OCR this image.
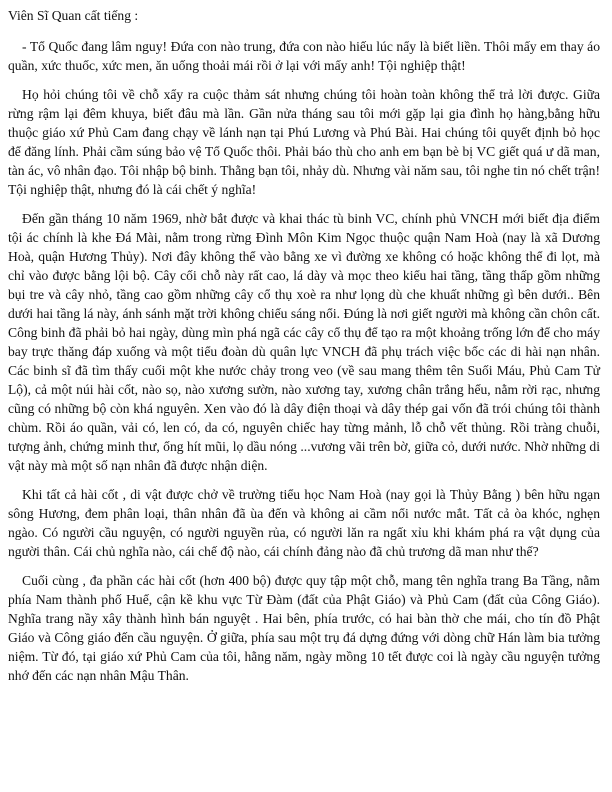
Viên Sĩ Quan cất tiếng :

- Tổ Quốc đang lâm nguy! Đứa con nào trung, đứa con nào hiếu lúc nẩy là biết liền. Thôi mấy em thay áo quần, xức thuốc, xức men, ăn uống thoải mái rồi ở lại với mấy anh! Tội nghiệp thật!

Họ hỏi chúng tôi về chỗ xẩy ra cuộc thảm sát nhưng chúng tôi hoàn toàn không thể trả lời được. Giữa rừng rậm lại đêm khuya, biết đâu mà lần. Gần nửa tháng sau tôi mới gặp lại gia đình họ hàng,bằng hữu thuộc giáo xứ Phủ Cam đang chạy về lánh nạn tại Phú Lương và Phú Bài. Hai chúng tôi quyết định bỏ học để đăng lính. Phải cầm súng bảo vệ Tổ Quốc thôi. Phải báo thù cho anh em bạn bè bị VC giết quá ư dã man, tàn ác, vô nhân đạo. Tôi nhập bộ binh. Thằng bạn tôi, nhảy dù. Nhưng vài năm sau, tôi nghe tin nó chết trận! Tội nghiệp thật, nhưng đó là cái chết ý nghĩa!

Đến gần tháng 10 năm 1969, nhờ bắt được và khai thác tù binh VC, chính phủ VNCH mới biết địa điểm tội ác chính là khe Đá Mài, nằm trong rừng Đình Môn Kim Ngọc thuộc quận Nam Hoà (nay là xã Dương Hoà, quận Hương Thủy). Nơi đây không thể vào bằng xe vì đường xe không có hoặc không thể đi lọt, mà chỉ vào được bằng lội bộ. Cây cối chỗ này rất cao, lá dày và mọc theo kiểu hai tầng, tầng thấp gồm những bụi tre và cây nhỏ, tầng cao gồm những cây cổ thụ xoè ra như lọng dù che khuất những gì bên dưới.. Bên dưới hai tầng lá này, ánh sánh mặt trời không chiếu sáng nổi. Đúng là nơi giết người mà không cần chôn cất. Công binh đã phải bỏ hai ngày, dùng mìn phá ngã các cây cổ thụ để tạo ra một khoảng trống lớn để cho máy bay trực thăng đáp xuống và một tiểu đoàn dù quân lực VNCH đã phụ trách việc bốc các di hài nạn nhân. Các binh sĩ đã tìm thấy cuối một khe nước chảy trong veo (về sau mang thêm tên Suối Máu, Phủ Cam Tử Lộ), cả một núi hài cốt, nào sọ, nào xương sườn, nào xương tay, xương chân trắng hếu, nằm rời rạc, nhưng cũng có những bộ còn khá nguyên. Xen vào đó là dây điện thoại và dây thép gai vốn đã trói chúng tôi thành chùm. Rồi áo quần, vải có, len có, da có, nguyên chiếc hay từng mảnh, lỗ chỗ vết thủng. Rồi tràng chuỗi, tượng ảnh, chứng minh thư, ống hít mũi, lọ dầu nóng ...vương vãi trên bờ, giữa cỏ, dưới nước. Nhờ những di vật này mà một số nạn nhân đã được nhận diện.

Khi tất cả hài cốt , di vật được chở về trường tiểu học Nam Hoà (nay gọi là Thủy Bằng ) bên hữu ngạn sông Hương, đem phân loại, thân nhân đã ùa đến và không ai cầm nổi nước mắt. Tất cả òa khóc, nghẹn ngào. Có người cầu nguyện, có người nguyền rủa, có người lăn ra ngất xỉu khi khám phá ra vật dụng của người thân. Cái chủ nghĩa nào, cái chế độ nào, cái chính đảng nào đã chủ trương dã man như thế?

Cuối cùng , đa phần các hài cốt (hơn 400 bộ) được quy tập một chỗ, mang tên nghĩa trang Ba Tầng, nằm phía Nam thành phố Huế, cận kề khu vực Từ Đàm (đất của Phật Giáo) và Phủ Cam (đất của Công Giáo). Nghĩa trang nầy xây thành hình bán nguyệt . Hai bên, phía trước, có hai bàn thờ che mái, cho tín đồ Phật Giáo và Công giáo đến cầu nguyện. Ở giữa, phía sau một trụ đá dựng đứng với dòng chữ Hán làm bia tưởng niệm. Từ đó, tại giáo xứ Phủ Cam của tôi, hằng năm, ngày mồng 10 tết được coi là ngày cầu nguyện tưởng nhớ đến các nạn nhân Mậu Thân.
